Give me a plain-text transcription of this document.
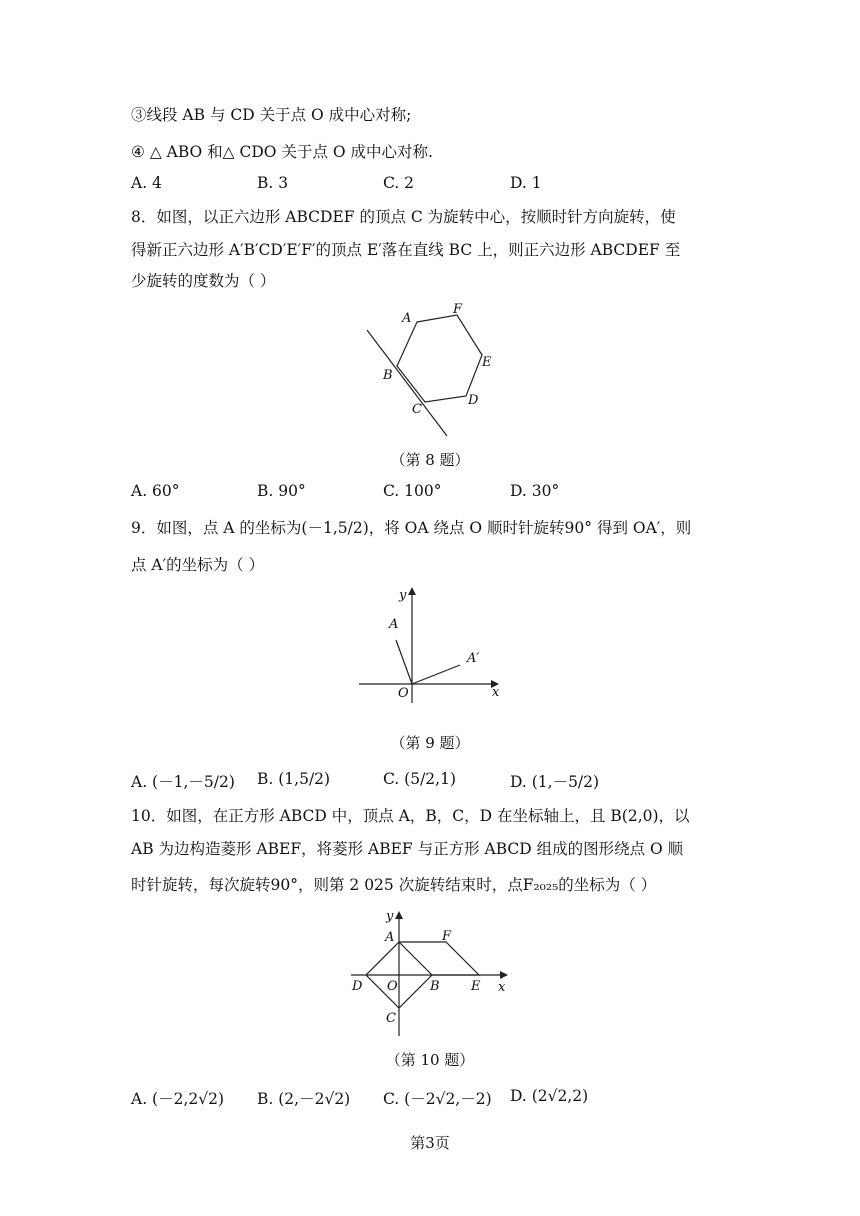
③线段 AB 与 CD 关于点 O 成中心对称;
④ △ ABO 和△ CDO 关于点 O 成中心对称.
A. 4	B. 3	C. 2	D. 1
8．如图，以正六边形 ABCDEF 的顶点 C 为旋转中心，按顺时针方向旋转，使
得新正六边形 A′B′CD′E′F′的顶点 E′落在直线 BC 上，则正六边形 ABCDEF 至
少旋转的度数为（ ）
A
F
E
D
C
B
（第 8 题）
A. 60°	B. 90°	C. 100°	D. 30°
9．如图，点 A 的坐标为(－1,5/2)，将 OA 绕点 O 顺时针旋转90° 得到 OA′，则
点 A′的坐标为（ ）
y
x
O
A
A′
（第 9 题）
A. (－1,－5/2) B. (1,5/2)	C. (5/2,1)	D. (1,－5/2)
10．如图，在正方形 ABCD 中，顶点 A，B，C，D 在坐标轴上，且 B(2,0)，以
AB 为边构造菱形 ABEF，将菱形 ABEF 与正方形 ABCD 组成的图形绕点 O 顺
时针旋转，每次旋转90°，则第 2 025 次旋转结束时，点F₂₀₂₅的坐标为（ ）
y
x
A	F
D O B E
C
（第 10 题）
A. (－2,2√2) B. (2,－2√2) C. (－2√2,－2) D. (2√2,2)
第3页
